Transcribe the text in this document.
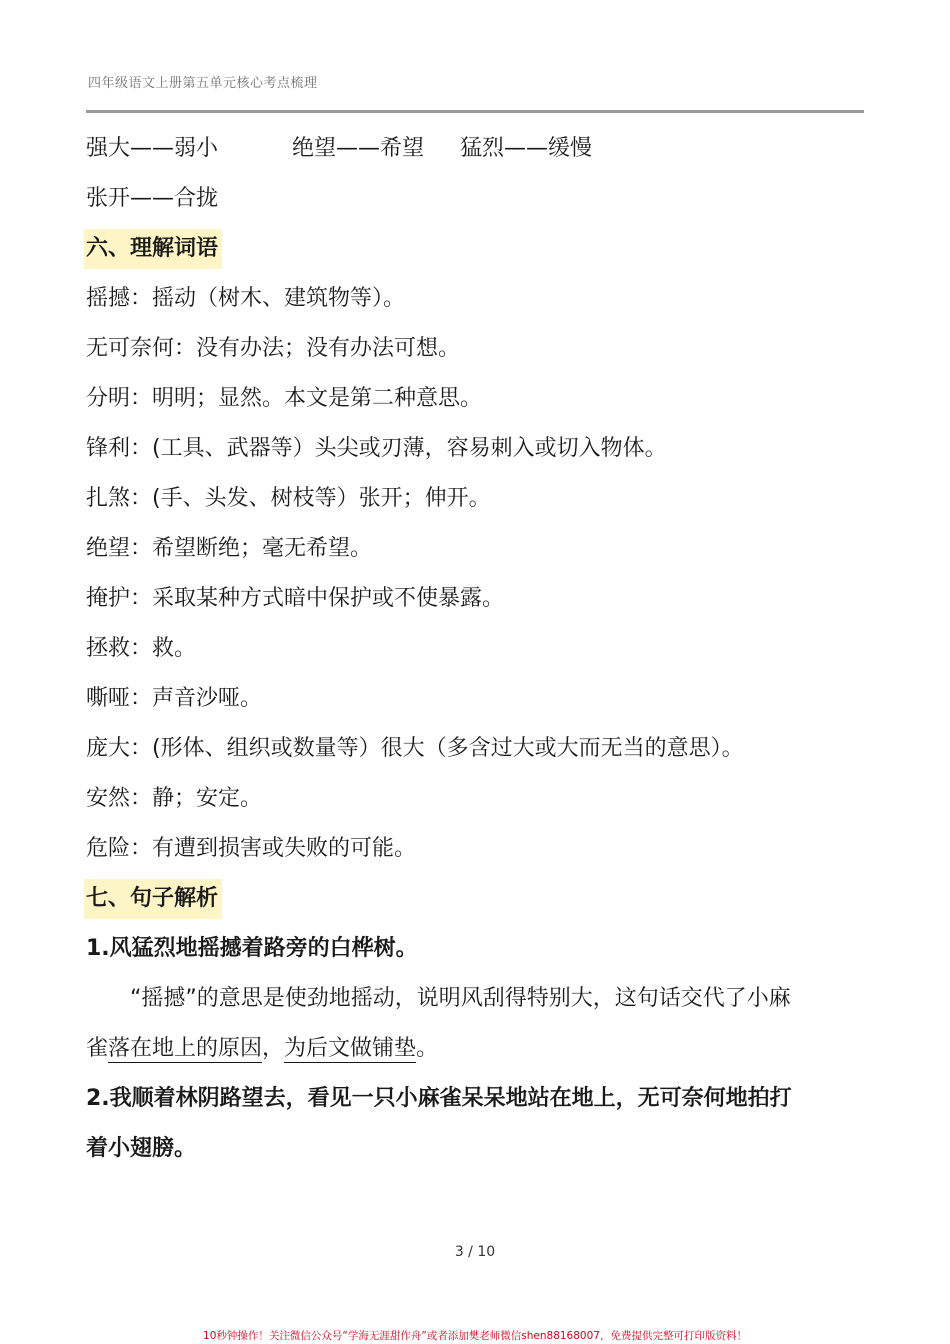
四年级语文上册第五单元核心考点梳理
强大——弱小	绝望——希望 猛烈——缓慢
张开——合拢
六、理解词语
摇撼：摇动（树木、建筑物等）。
无可奈何：没有办法；没有办法可想。
分明：明明；显然。本文是第二种意思。
锋利：(工具、武器等）头尖或刃薄，容易刺入或切入物体。
扎煞：(手、头发、树枝等）张开；伸开。
绝望：希望断绝；毫无希望。
掩护：采取某种方式暗中保护或不使暴露。
拯救：救。
嘶哑：声音沙哑。
庞大：(形体、组织或数量等）很大（多含过大或大而无当的意思）。
安然：静；安定。
危险：有遭到损害或失败的可能。
七、句子解析
1.风猛烈地摇撼着路旁的白桦树。
“摇撼”的意思是使劲地摇动，说明风刮得特别大，这句话交代了小麻
雀落在地上的原因，为后文做铺垫。
2.我顺着林阴路望去，看见一只小麻雀呆呆地站在地上，无可奈何地拍打
着小翅膀。
3 / 10
10秒钟操作！关注微信公众号“学海无涯甜作舟”或者添加樊老师微信shen88168007，免费提供完整可打印版资料！
